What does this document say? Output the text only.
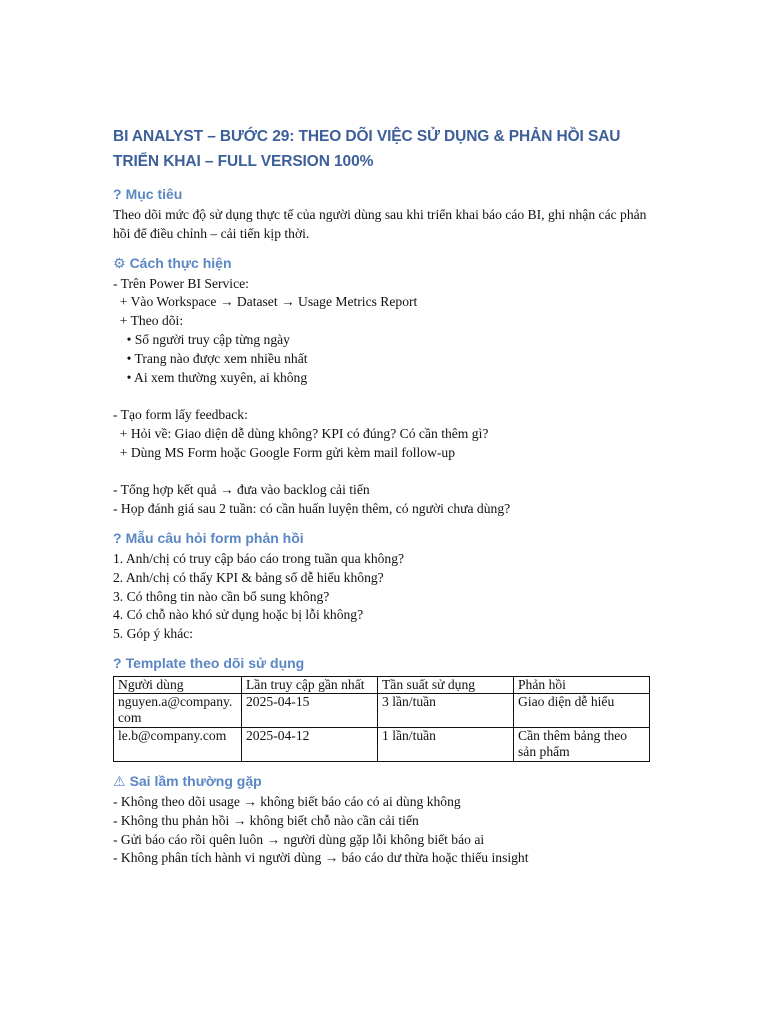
BI ANALYST – BƯỚC 29: THEO DÕI VIỆC SỬ DỤNG & PHẢN HỒI SAU TRIỂN KHAI – FULL VERSION 100%
? Mục tiêu

Theo dõi mức độ sử dụng thực tế của người dùng sau khi triển khai báo cáo BI, ghi nhận các phản hồi để điều chỉnh – cải tiến kịp thời.

⚙ Cách thực hiện
- Trên Power BI Service:
+ Vào Workspace → Dataset → Usage Metrics Report
+ Theo dõi:
• Số người truy cập từng ngày
• Trang nào được xem nhiều nhất
• Ai xem thường xuyên, ai không
- Tạo form lấy feedback:
+ Hỏi về: Giao diện dễ dùng không? KPI có đúng? Có cần thêm gì?
+ Dùng MS Form hoặc Google Form gửi kèm mail follow-up
- Tổng hợp kết quả → đưa vào backlog cải tiến
- Họp đánh giá sau 2 tuần: có cần huấn luyện thêm, có người chưa dùng?
? Mẫu câu hỏi form phản hồi
1. Anh/chị có truy cập báo cáo trong tuần qua không?
2. Anh/chị có thấy KPI & bảng số dễ hiểu không?
3. Có thông tin nào cần bổ sung không?
4. Có chỗ nào khó sử dụng hoặc bị lỗi không?
5. Góp ý khác:
? Template theo dõi sử dụng
Người dùng	Lần truy cập gần nhất	Tần suất sử dụng	Phản hồi
nguyen.a@company.com	2025-04-15	3 lần/tuần	Giao diện dễ hiểu
le.b@company.com	2025-04-12	1 lần/tuần	Cần thêm bảng theo sản phẩm
⚠ Sai lầm thường gặp
- Không theo dõi usage → không biết báo cáo có ai dùng không
- Không thu phản hồi → không biết chỗ nào cần cải tiến
- Gửi báo cáo rồi quên luôn → người dùng gặp lỗi không biết báo ai
- Không phân tích hành vi người dùng → báo cáo dư thừa hoặc thiếu insight
